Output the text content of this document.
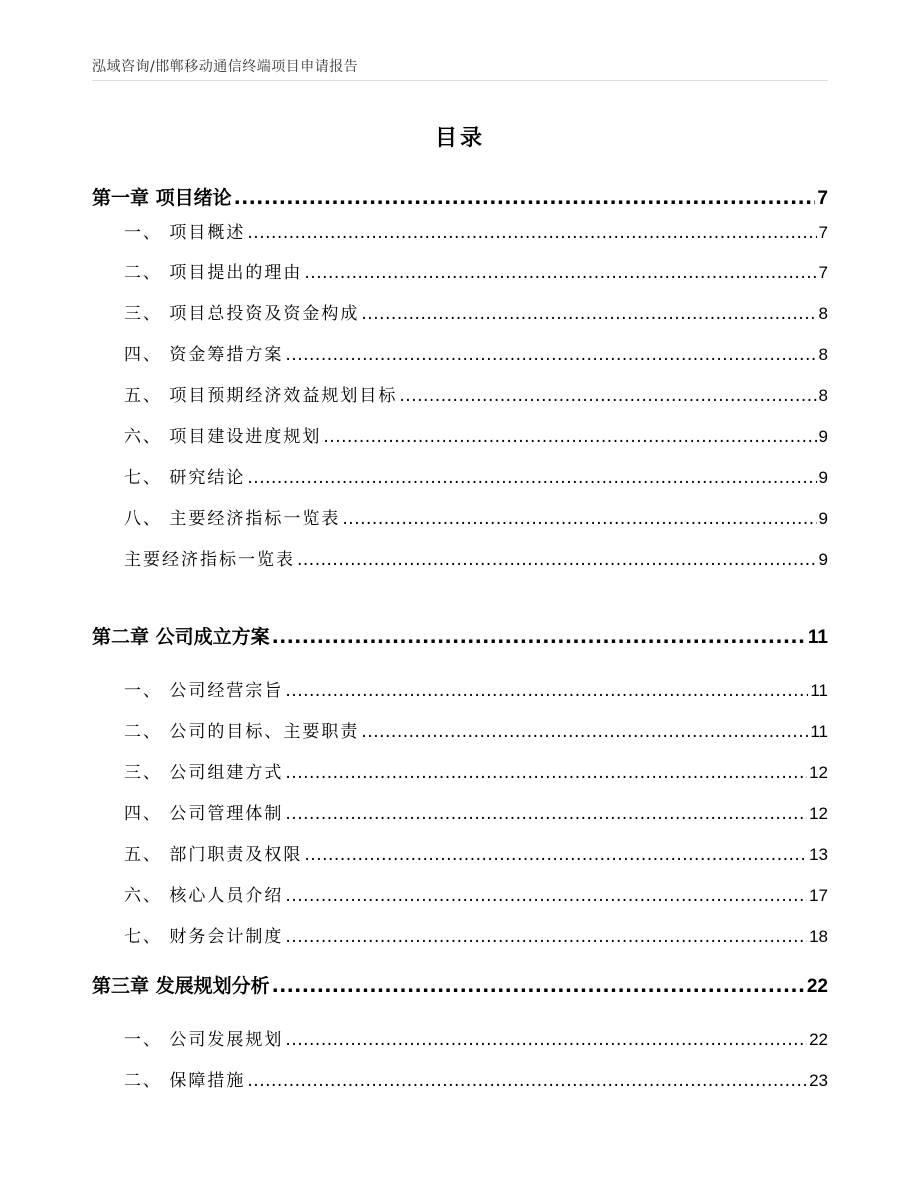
泓域咨询/邯郸移动通信终端项目申请报告
目录
第一章 项目绪论 .....	7
一、 项目概述 .....	7
二、 项目提出的理由 .....	7
三、 项目总投资及资金构成 .....	8
四、 资金筹措方案 .....	8
五、 项目预期经济效益规划目标 .....	8
六、 项目建设进度规划 .....	9
七、 研究结论 .....	9
八、 主要经济指标一览表 .....	9
主要经济指标一览表 .....	9
第二章 公司成立方案 .....	11
一、 公司经营宗旨 .....	11
二、 公司的目标、主要职责 .....	11
三、 公司组建方式 .....	12
四、 公司管理体制 .....	12
五、 部门职责及权限 .....	13
六、 核心人员介绍 .....	17
七、 财务会计制度 .....	18
第三章 发展规划分析 .....	22
一、 公司发展规划 .....	22
二、 保障措施 .....	23
